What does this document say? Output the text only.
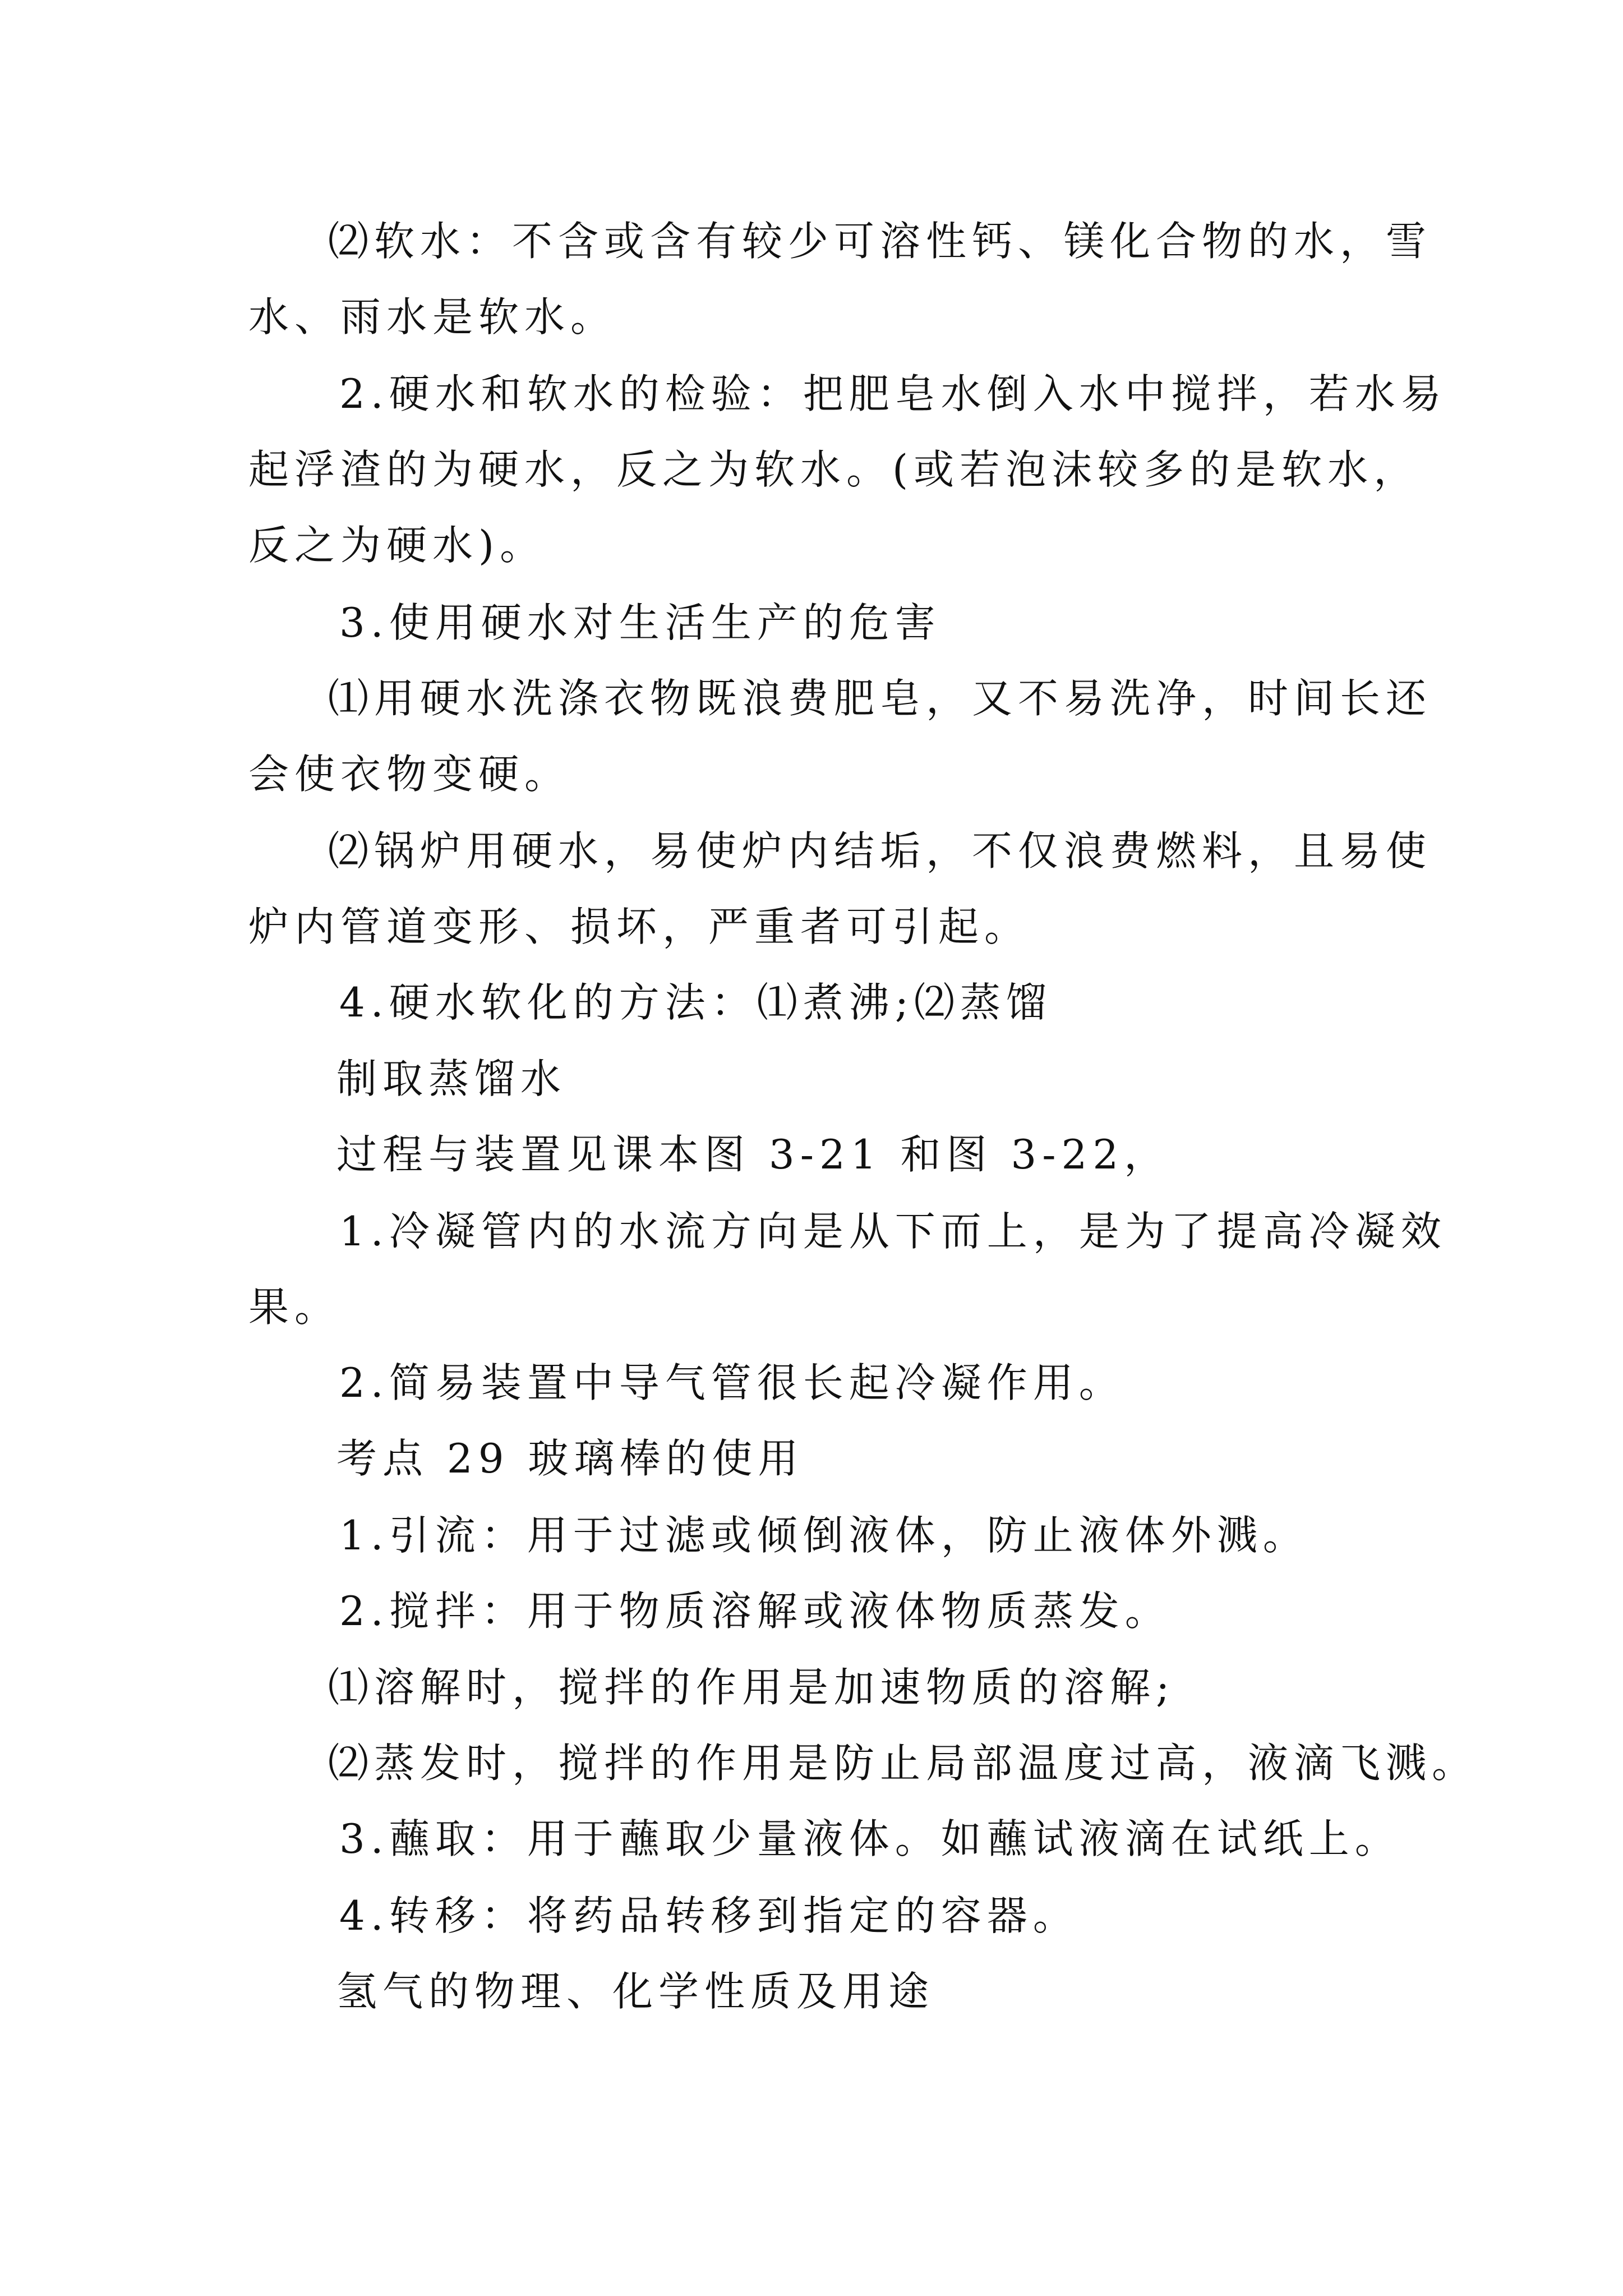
⑵软水：不含或含有较少可溶性钙、镁化合物的水，雪

水、雨水是软水。

2.硬水和软水的检验：把肥皂水倒入水中搅拌，若水易

起浮渣的为硬水，反之为软水。(或若泡沫较多的是软水，

反之为硬水)。

3.使用硬水对生活生产的危害

⑴用硬水洗涤衣物既浪费肥皂，又不易洗净，时间长还

会使衣物变硬。

⑵锅炉用硬水，易使炉内结垢，不仅浪费燃料，且易使

炉内管道变形、损坏，严重者可引起。

4.硬水软化的方法：⑴煮沸;⑵蒸馏

制取蒸馏水

过程与装置见课本图 3-21 和图 3-22，

1.冷凝管内的水流方向是从下而上，是为了提高冷凝效

果。

2.简易装置中导气管很长起冷凝作用。

考点 29 玻璃棒的使用

1.引流：用于过滤或倾倒液体，防止液体外溅。

2.搅拌：用于物质溶解或液体物质蒸发。

⑴溶解时，搅拌的作用是加速物质的溶解;

⑵蒸发时，搅拌的作用是防止局部温度过高，液滴飞溅。

3.蘸取：用于蘸取少量液体。如蘸试液滴在试纸上。

4.转移：将药品转移到指定的容器。

氢气的物理、化学性质及用途
